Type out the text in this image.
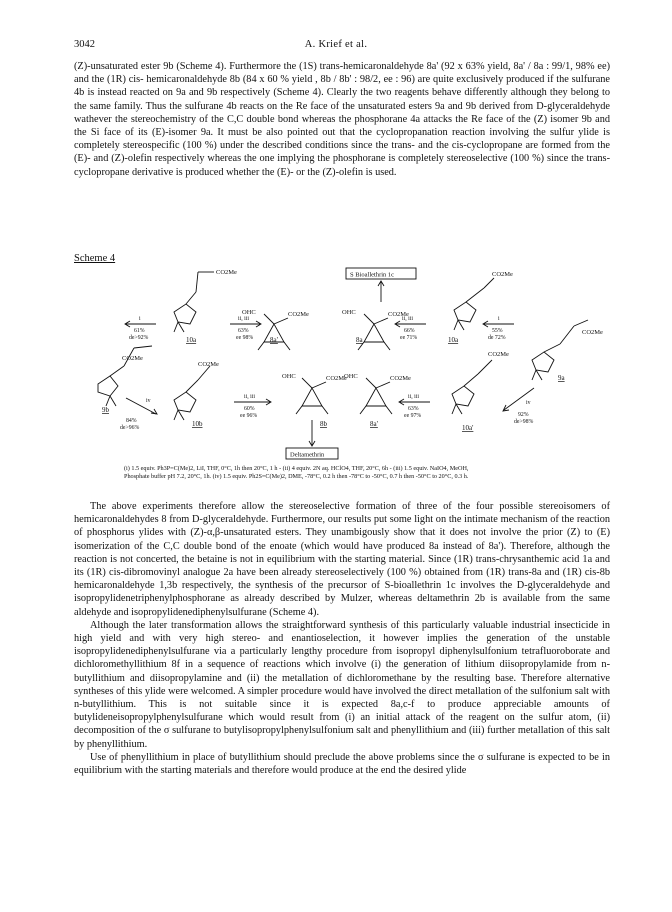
3042	A. Krief et al.

(Z)-unsaturated ester 9b (Scheme 4). Furthermore the (1S) trans-hemicaronaldehyde 8a' (92 x 63% yield, 8a' / 8a : 99/1, 98% ee) and the (1R) cis- hemicaronaldehyde 8b (84 x 60 % yield , 8b / 8b' : 98/2, ee : 96) are quite exclusively produced if the sulfurane 4b is instead reacted on 9a and 9b respectively (Scheme 4). Clearly the two reagents behave differently although they belong to the same family. Thus the sulfurane 4b reacts on the Re face of the unsaturated esters 9a and 9b derived from D-glyceraldehyde wathever the stereochemistry of the C,C double bond whereas the phosphorane 4a attacks the Re face of the (Z) isomer 9b and the Si face of its (E)-isomer 9a. It must be also pointed out that the cyclopropanation reaction involving the sulfur ylide is completely stereospecific (100 %) under the described conditions since the trans- and the cis-cyclopropane are formed from the (E)- and (Z)-olefin respectively whereas the one implying the phosphorane is completely stereoselective (100 %) since the trans-cyclopropane derivative is produced whether the (E)- or the (Z)-olefin is used.

Scheme 4
S Bioallethrin 1c
Deltamethrin
CO2Me
CO2Me
CO2Me	CO2Me
CO2Me
CO2Me
CO2Me
CO2Me	CO2Me
CO2Me
OHC	OHC
OHC	OHC
9b
10a	8a'	8a	10a
9a
10b	8b	8a'	10a'
i
61%
de>92%
ii, iii
63%
ee 98%
ii, iii
66%
ee 71%
i
55%
de 72%
iv
84%
de>96%
ii, iii
60%
ee 96%
ii, iii
63%
ee 97%
iv
92%
de>98%
(i) 1.5 equiv. Ph3P=C(Me)2, LiI, THF, 0°C, 1h then 20°C, 1 h - (ii) 4 equiv. 2N aq. HClO4, THF, 20°C, 6h - (iii) 1.5 equiv. NaIO4, MeOH,
Phosphate buffer pH 7.2, 20°C, 1h. (iv) 1.5 equiv. Ph2S=C(Me)2, DME, -78°C, 0.2 h then -78°C to -50°C, 0.7 h then -50°C to 20°C, 0.3 h.

The above experiments therefore allow the stereoselective formation of three of the four possible stereoisomers of hemicaronaldehydes 8 from D-glyceraldehyde. Furthermore, our results put some light on the intimate mechanism of the reaction of phosphorus ylides with (Z)-α,β-unsaturated esters. They unambigously show that it does not involve the prior (Z) to (E) isomerization of the C,C double bond of the enoate (which would have produced 8a instead of 8a'). Therefore, although the reaction is not concerted, the betaine is not in equilibrium with the starting material. Since (1R) trans-chrysanthemic acid 1a and its (1R) cis-dibromovinyl analogue 2a have been already stereoselectively (100 %) obtained from (1R) trans-8a and (1R) cis-8b hemicaronaldehyde 1,3b respectively, the synthesis of the precursor of S-bioallethrin 1c involves the D-glyceraldehyde and isopropylidenetriphenylphosphorane as already described by Mulzer, whereas deltamethrin 2b is available from the same aldehyde and isopropylidenediphenylsulfurane (Scheme 4).

Although the later transformation allows the straightforward synthesis of this particularly valuable industrial insecticide in high yield and with very high stereo- and enantioselection, it however implies the generation of the unstable isopropylidenediphenylsulfurane via a particularly lengthy procedure from isopropyl diphenylsulfonium tetrafluoroborate and dichloromethyllithium 8f in a sequence of reactions which involve (i) the generation of lithium diisopropylamide from n-butyllithium and diisopropylamine and (ii) the metallation of dichloromethane by the resulting base. Therefore alternative syntheses of this ylide were welcomed. A simpler procedure would have involved the direct metallation of the sulfonium salt with n-butyllithium. This is not suitable since it is expected 8a,c-f to produce appreciable amounts of butylideneisopropylphenylsulfurane which would result from (i) an initial attack of the reagent on the sulfur atom, (ii) decomposition of the σ sulfurane to butylisopropylphenylsulfonium salt and phenyllithium and (iii) further metallation of this salt by phenyllithium.

Use of phenyllithium in place of butyllithium should preclude the above problems since the σ sulfurane is expected to be in equilibrium with the starting materials and therefore would produce at the end the desired ylide
